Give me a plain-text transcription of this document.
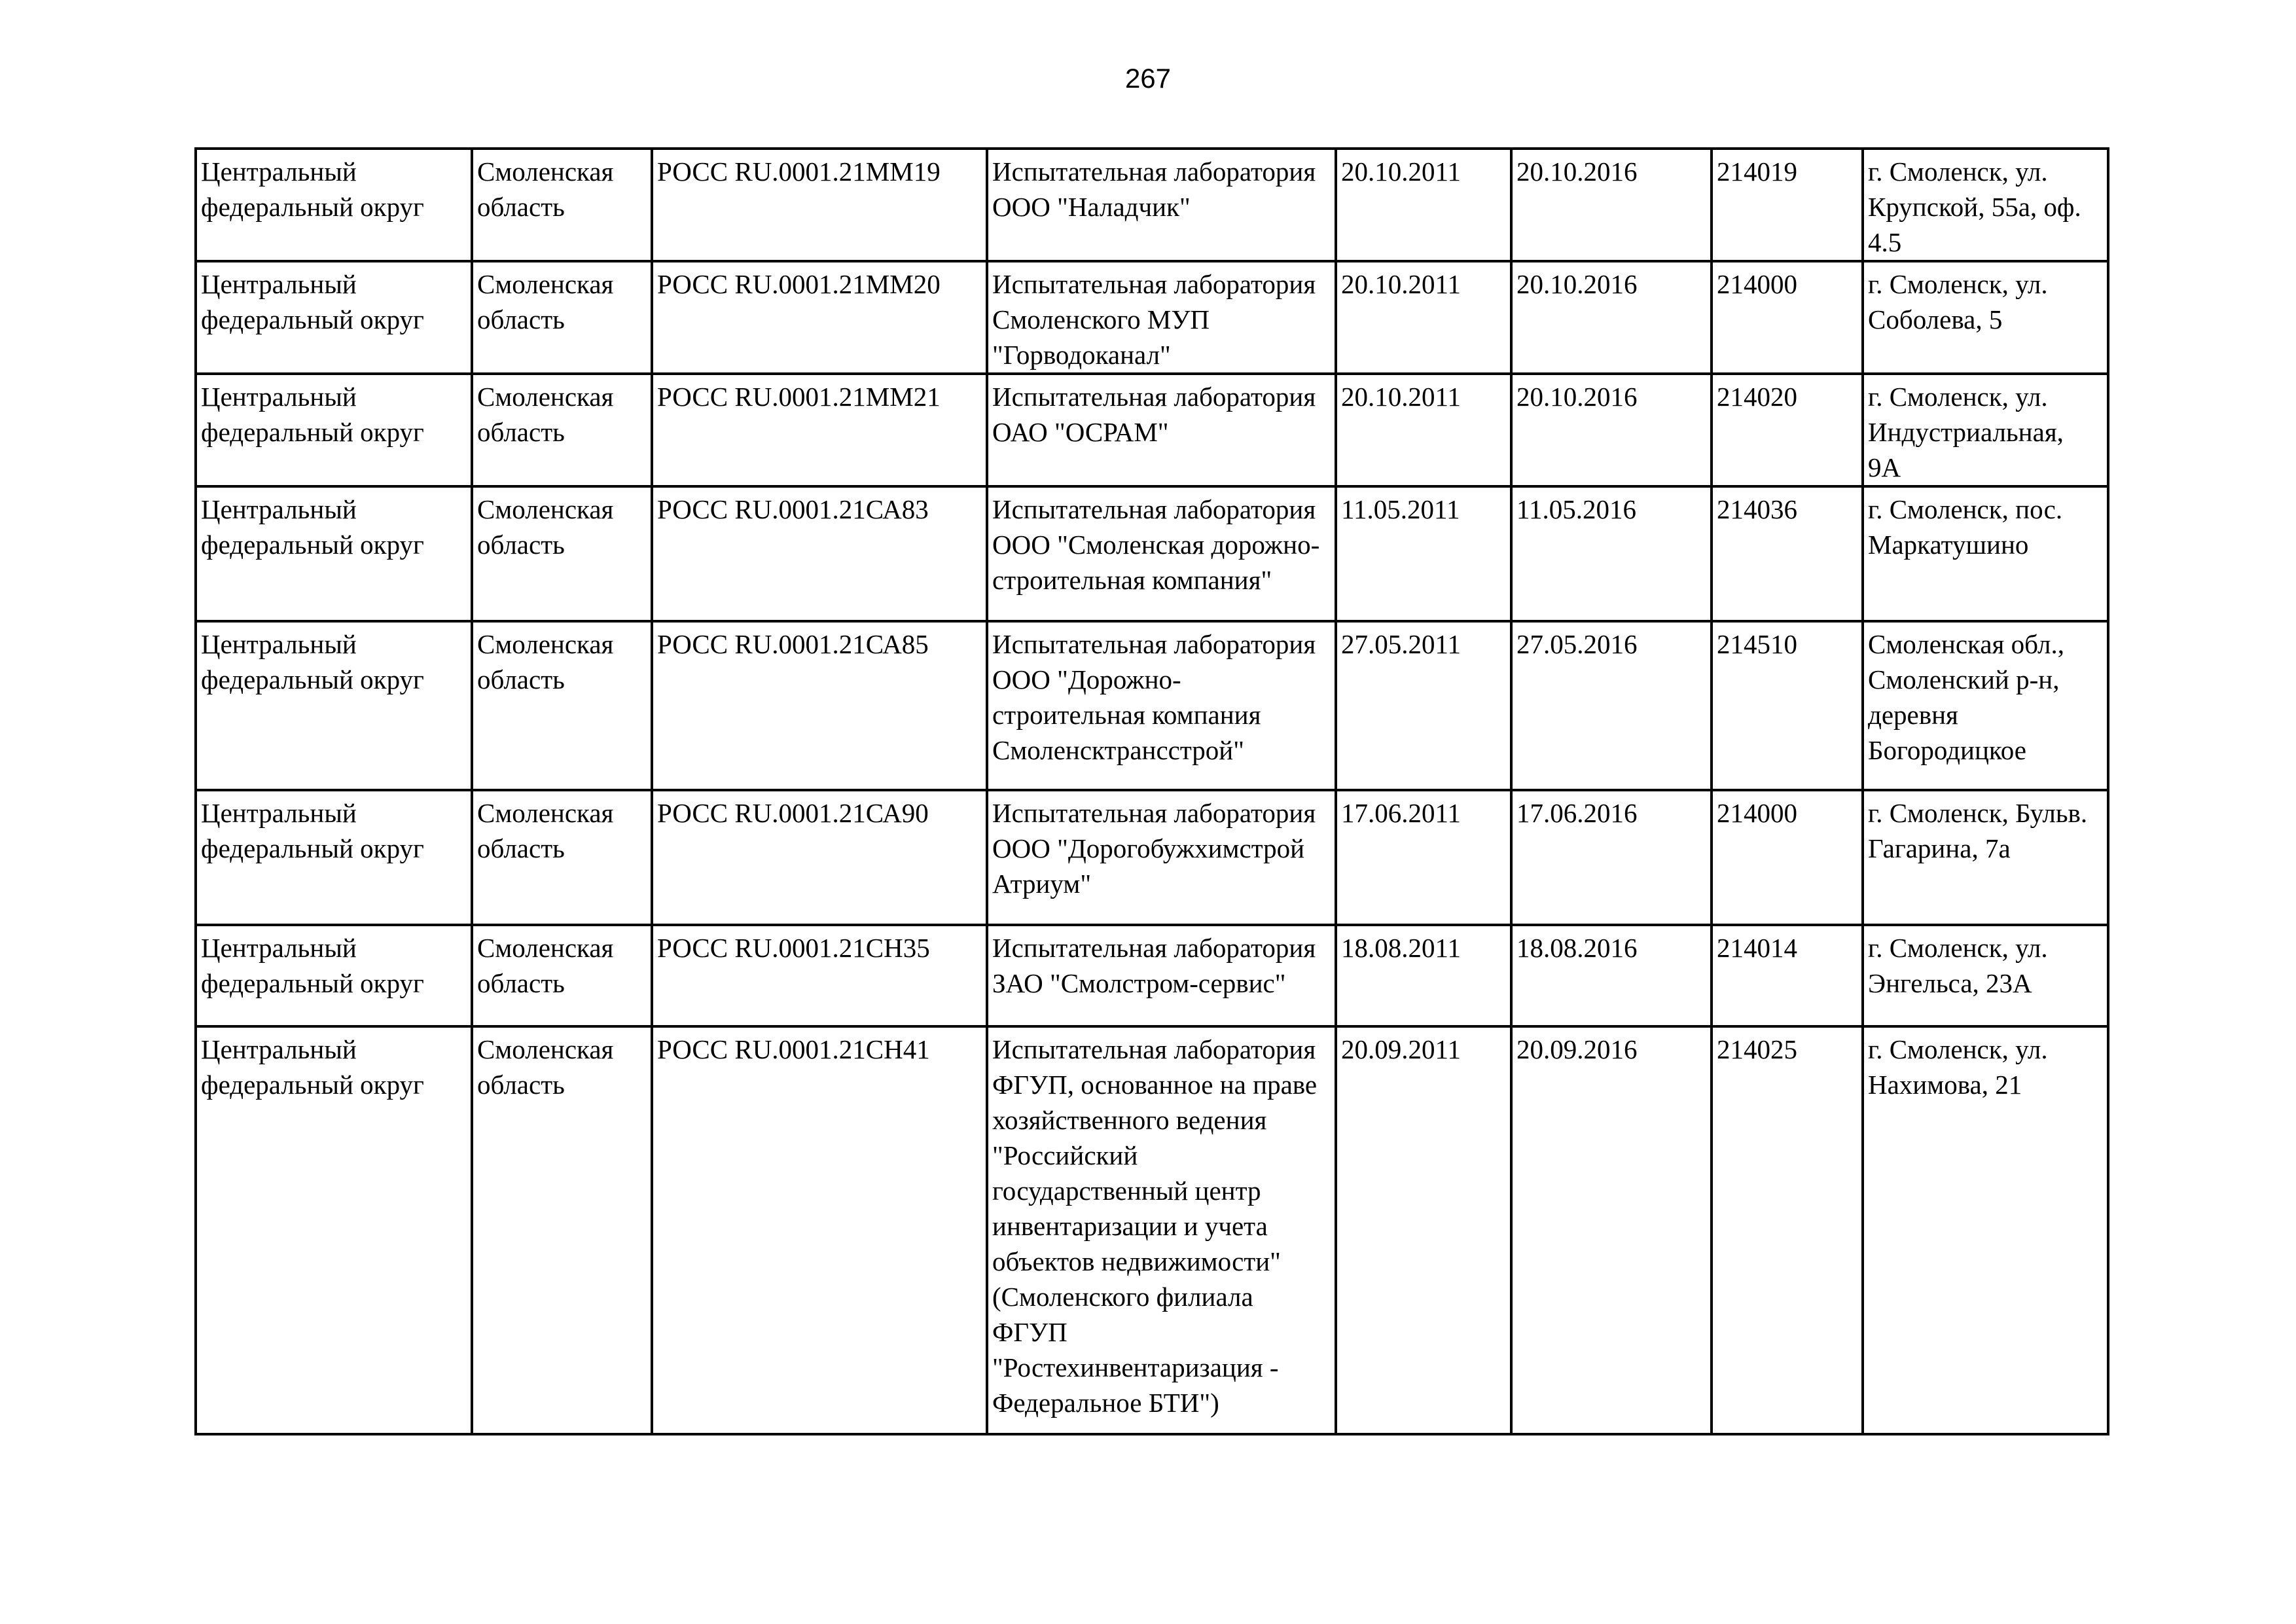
267
Центральный федеральный округ	Смоленская область	РОСС RU.0001.21ММ19	Испытательная лаборатория ООО "Наладчик"	20.10.2011	20.10.2016	214019	г. Смоленск, ул. Крупской, 55а, оф. 4.5
Центральный федеральный округ	Смоленская область	РОСС RU.0001.21ММ20	Испытательная лаборатория Смоленского МУП "Горводоканал"	20.10.2011	20.10.2016	214000	г. Смоленск, ул. Соболева, 5
Центральный федеральный округ	Смоленская область	РОСС RU.0001.21ММ21	Испытательная лаборатория ОАО "ОСРАМ"	20.10.2011	20.10.2016	214020	г. Смоленск, ул. Индустриальная, 9А
Центральный федеральный округ	Смоленская область	РОСС RU.0001.21СА83	Испытательная лаборатория ООО "Смоленская дорожно-строительная компания"	11.05.2011	11.05.2016	214036	г. Смоленск, пос. Маркатушино
Центральный федеральный округ	Смоленская область	РОСС RU.0001.21СА85	Испытательная лаборатория ООО "Дорожно-строительная компания Смоленсктрансстрой"	27.05.2011	27.05.2016	214510	Смоленская обл., Смоленский р-н, деревня Богородицкое
Центральный федеральный округ	Смоленская область	РОСС RU.0001.21СА90	Испытательная лаборатория ООО "Дорогобужхимстрой Атриум"	17.06.2011	17.06.2016	214000	г. Смоленск, Бульв. Гагарина, 7а
Центральный федеральный округ	Смоленская область	РОСС RU.0001.21СН35	Испытательная лаборатория ЗАО "Смолстром-сервис"	18.08.2011	18.08.2016	214014	г. Смоленск, ул. Энгельса, 23А
Центральный федеральный округ	Смоленская область	РОСС RU.0001.21СН41	Испытательная лаборатория ФГУП, основанное на праве хозяйственного ведения "Российский государственный центр инвентаризации и учета объектов недвижимости" (Смоленского филиала ФГУП "Ростехинвентаризация - Федеральное БТИ")	20.09.2011	20.09.2016	214025	г. Смоленск, ул. Нахимова, 21
